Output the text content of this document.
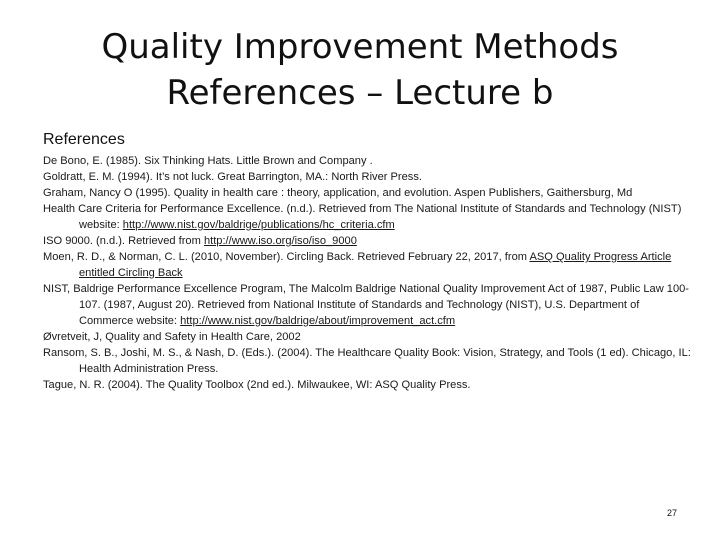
Quality Improvement Methods
References – Lecture b
References
De Bono, E. (1985). Six Thinking Hats. Little Brown and Company .
Goldratt, E. M. (1994). It’s not luck. Great Barrington, MA.: North River Press.
Graham, Nancy O (1995). Quality in health care : theory, application, and evolution. Aspen Publishers, Gaithersburg, Md
Health Care Criteria for Performance Excellence. (n.d.). Retrieved from The National Institute of Standards and Technology (NIST) website: http://www.nist.gov/baldrige/publications/hc_criteria.cfm
ISO 9000. (n.d.). Retrieved from http://www.iso.org/iso/iso_9000
Moen, R. D., & Norman, C. L. (2010, November). Circling Back. Retrieved February 22, 2017, from ASQ Quality Progress Article entitled Circling Back
NIST, Baldrige Performance Excellence Program, The Malcolm Baldrige National Quality Improvement Act of 1987, Public Law 100-107. (1987, August 20). Retrieved from National Institute of Standards and Technology (NIST), U.S. Department of Commerce website: http://www.nist.gov/baldrige/about/improvement_act.cfm
Øvretveit, J, Quality and Safety in Health Care, 2002
Ransom, S. B., Joshi, M. S., & Nash, D. (Eds.). (2004). The Healthcare Quality Book: Vision, Strategy, and Tools (1 ed). Chicago, IL: Health Administration Press.
Tague, N. R. (2004). The Quality Toolbox (2nd ed.). Milwaukee, WI: ASQ Quality Press.
27
